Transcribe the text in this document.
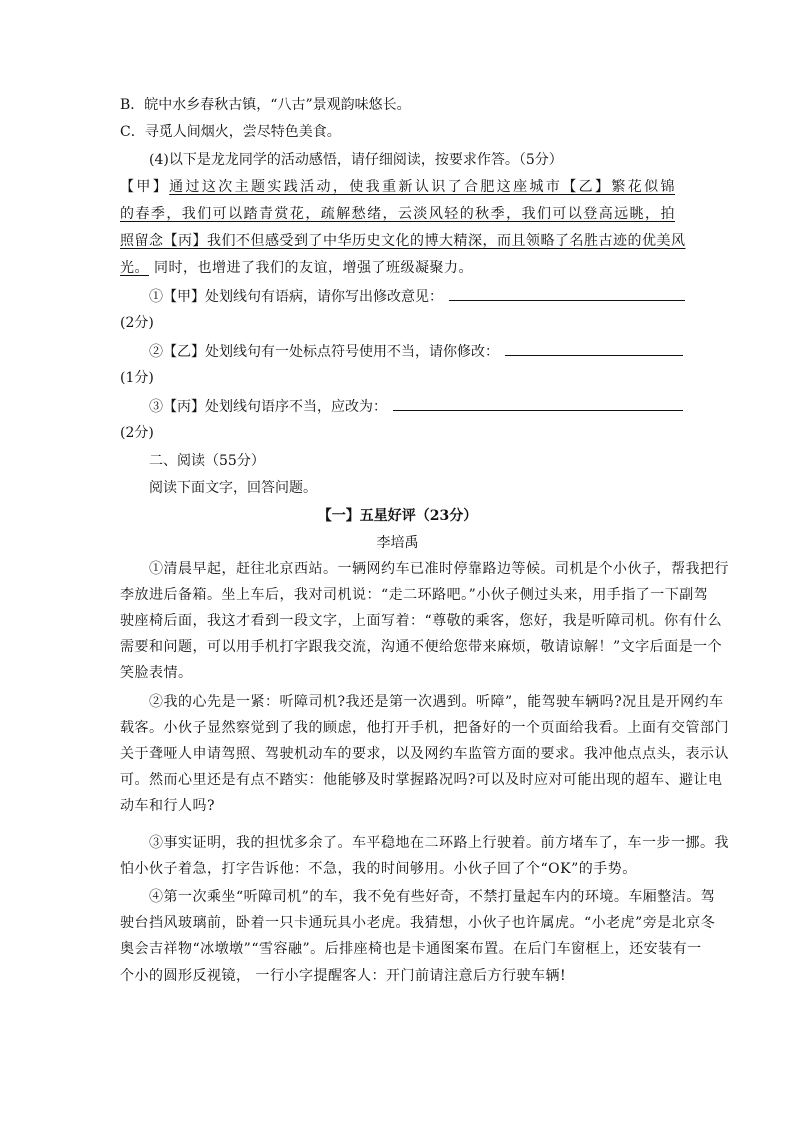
B．皖中水乡春秋古镇，“八古”景观韵味悠长。
C．寻觅人间烟火，尝尽特色美食。
(4)以下是龙龙同学的活动感悟，请仔细阅读，按要求作答。（5分）
【甲】通过这次主题实践活动，使我重新认识了合肥这座城市【乙】繁花似锦
的春季，我们可以踏青赏花，疏解愁绪，云淡风轻的秋季，我们可以登高远眺，拍
照留念【丙】我们不但感受到了中华历史文化的博大精深，而且领略了名胜古迹的优美风
光。 同时，也增进了我们的友谊，增强了班级凝聚力。
①【甲】处划线句有语病，请你写出修改意见：
(2分)
②【乙】处划线句有一处标点符号使用不当，请你修改：
(1分)
③【丙】处划线句语序不当，应改为：
(2分)
二、阅读（55分）
阅读下面文字，回答问题。
【一】五星好评（23分）
李培禹
①清晨早起，赶往北京西站。一辆网约车已准时停靠路边等候。司机是个小伙子，帮我把行
李放进后备箱。坐上车后，我对司机说：“走二环路吧。”小伙子侧过头来，用手指了一下副驾
驶座椅后面，我这才看到一段文字，上面写着：“尊敬的乘客，您好，我是听障司机。你有什么
需要和问题，可以用手机打字跟我交流，沟通不便给您带来麻烦，敬请谅解！”文字后面是一个
笑脸表情。
②我的心先是一紧：听障司机?我还是第一次遇到。听障”，能驾驶车辆吗?况且是开网约车
载客。小伙子显然察觉到了我的顾虑，他打开手机，把备好的一个页面给我看。上面有交管部门
关于聋哑人申请驾照、驾驶机动车的要求，以及网约车监管方面的要求。我冲他点点头，表示认
可。然而心里还是有点不踏实：他能够及时掌握路况吗?可以及时应对可能出现的超车、避让电
动车和行人吗?
③事实证明，我的担忧多余了。车平稳地在二环路上行驶着。前方堵车了，车一步一挪。我
怕小伙子着急，打字告诉他：不急，我的时间够用。小伙子回了个“OK”的手势。
④第一次乘坐“听障司机”的车，我不免有些好奇，不禁打量起车内的环境。车厢整洁。驾
驶台挡风玻璃前，卧着一只卡通玩具小老虎。我猜想，小伙子也许属虎。“小老虎”旁是北京冬
奥会吉祥物“冰墩墩”“雪容融”。后排座椅也是卡通图案布置。在后门车窗框上，还安装有一
个小的圆形反视镜， 一行小字提醒客人：开门前请注意后方行驶车辆!
